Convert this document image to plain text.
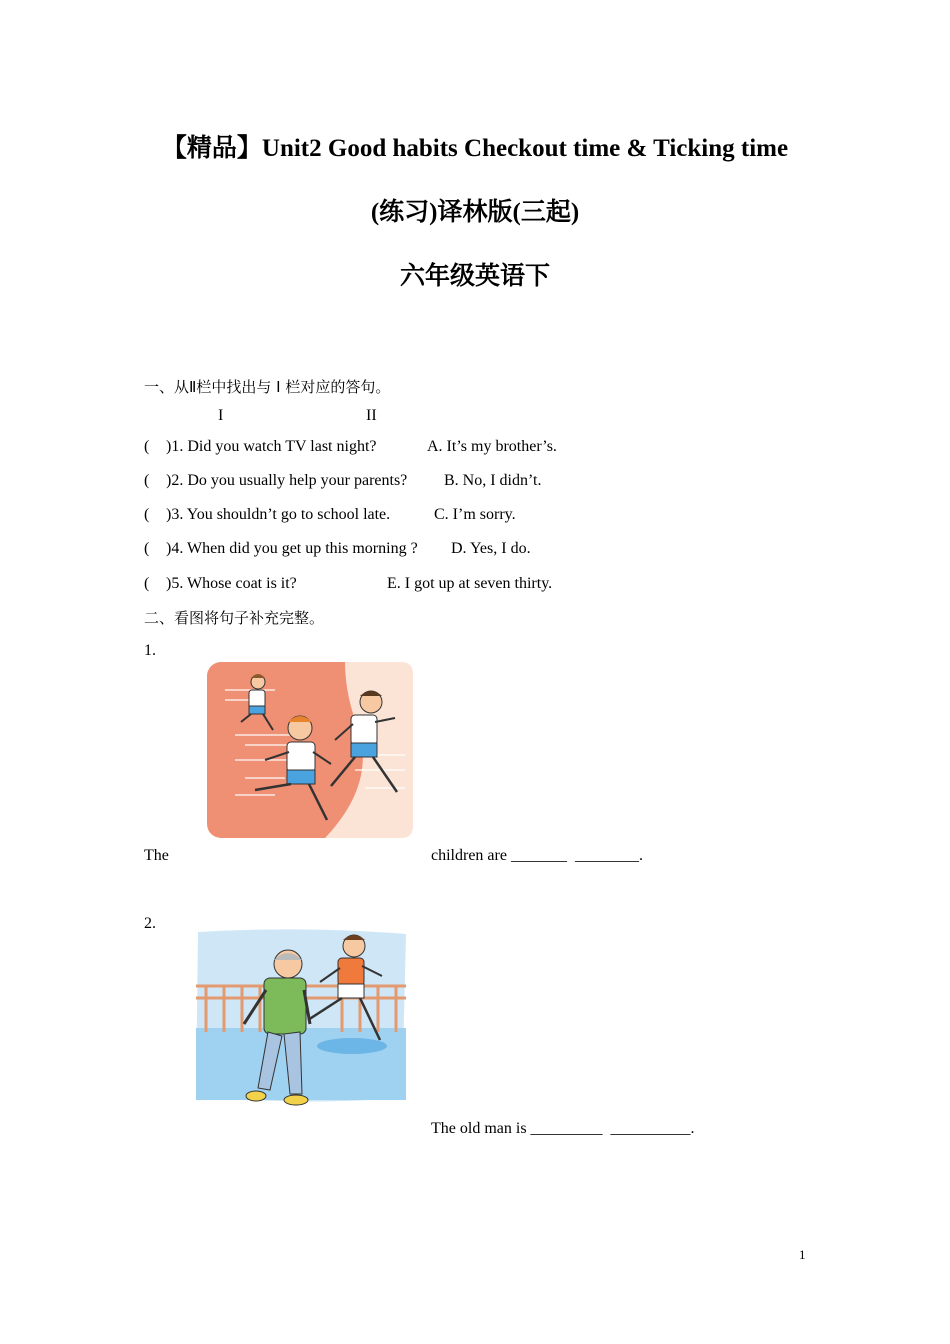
【精品】Unit2 Good habits Checkout time & Ticking time
(练习)译林版(三起)
六年级英语下
一、从Ⅱ栏中找出与 I 栏对应的答句。
I	II
( )1. Did you watch TV last night?	A. It’s my brother’s.
( )2. Do you usually help your parents? B. No, I didn’t.
( )3. You shouldn’t go to school late.	C. I’m sorry.
( )4. When did you get up this morning ? D. Yes, I do.
( )5. Whose coat is it?	E. I got up at seven thirty.
二、看图将句子补充完整。
1.
The	children are _______  ________.
2.
The old man is _________  __________.
1
